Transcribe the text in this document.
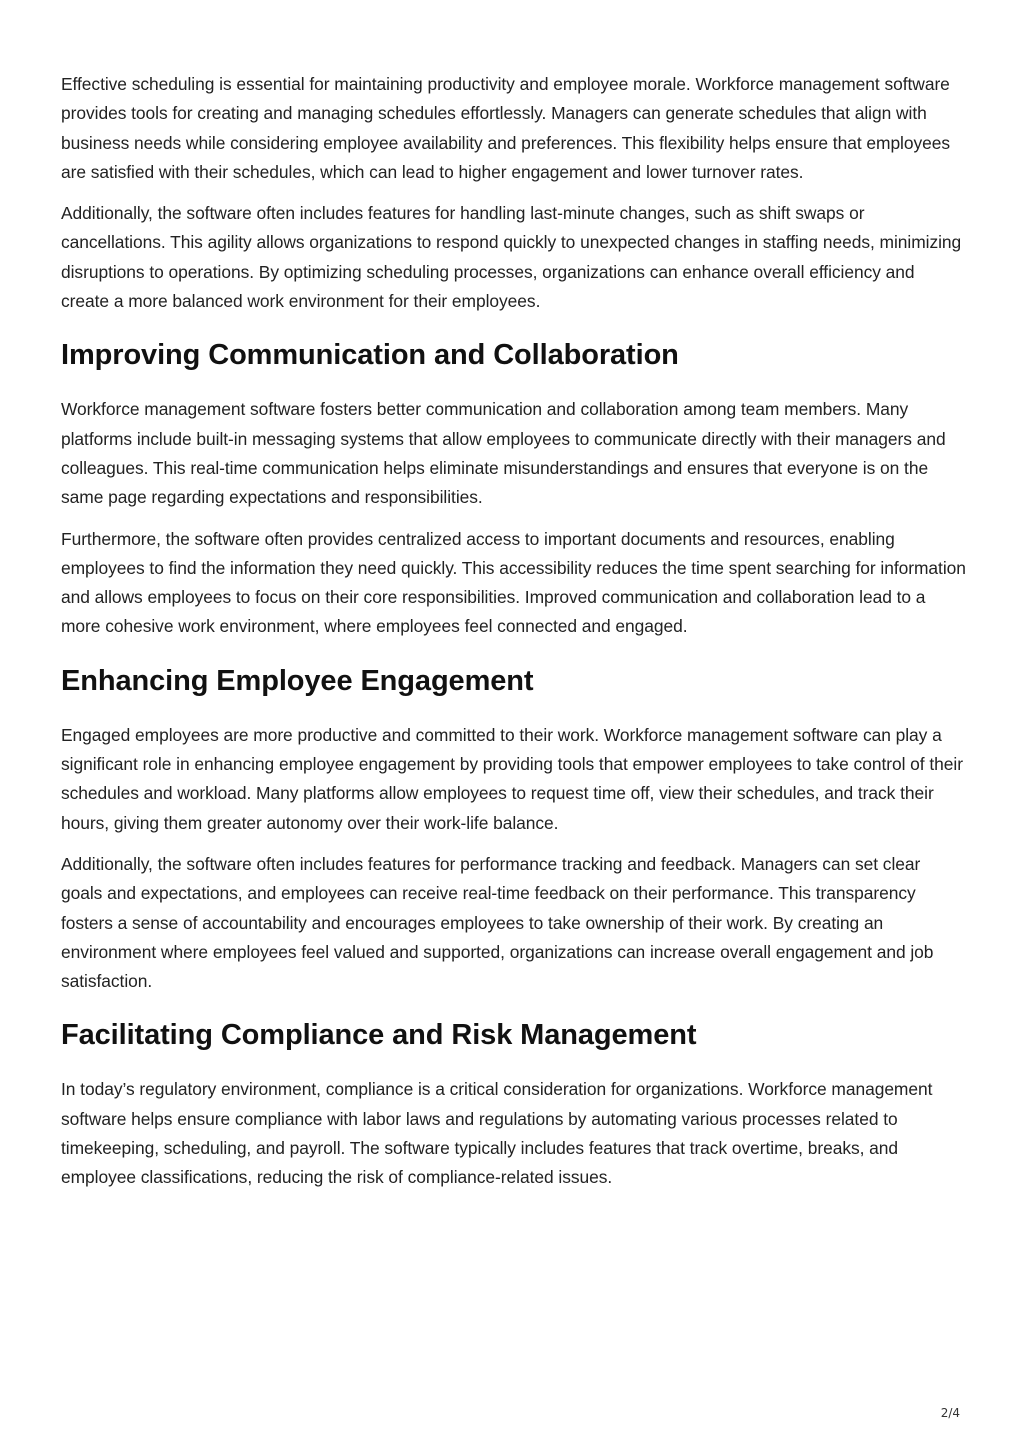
Effective scheduling is essential for maintaining productivity and employee morale. Workforce management software provides tools for creating and managing schedules effortlessly. Managers can generate schedules that align with business needs while considering employee availability and preferences. This flexibility helps ensure that employees are satisfied with their schedules, which can lead to higher engagement and lower turnover rates.

Additionally, the software often includes features for handling last-minute changes, such as shift swaps or cancellations. This agility allows organizations to respond quickly to unexpected changes in staffing needs, minimizing disruptions to operations. By optimizing scheduling processes, organizations can enhance overall efficiency and create a more balanced work environment for their employees.

Improving Communication and Collaboration

Workforce management software fosters better communication and collaboration among team members. Many platforms include built-in messaging systems that allow employees to communicate directly with their managers and colleagues. This real-time communication helps eliminate misunderstandings and ensures that everyone is on the same page regarding expectations and responsibilities.

Furthermore, the software often provides centralized access to important documents and resources, enabling employees to find the information they need quickly. This accessibility reduces the time spent searching for information and allows employees to focus on their core responsibilities. Improved communication and collaboration lead to a more cohesive work environment, where employees feel connected and engaged.

Enhancing Employee Engagement

Engaged employees are more productive and committed to their work. Workforce management software can play a significant role in enhancing employee engagement by providing tools that empower employees to take control of their schedules and workload. Many platforms allow employees to request time off, view their schedules, and track their hours, giving them greater autonomy over their work-life balance.

Additionally, the software often includes features for performance tracking and feedback. Managers can set clear goals and expectations, and employees can receive real-time feedback on their performance. This transparency fosters a sense of accountability and encourages employees to take ownership of their work. By creating an environment where employees feel valued and supported, organizations can increase overall engagement and job satisfaction.

Facilitating Compliance and Risk Management

In today’s regulatory environment, compliance is a critical consideration for organizations. Workforce management software helps ensure compliance with labor laws and regulations by automating various processes related to timekeeping, scheduling, and payroll. The software typically includes features that track overtime, breaks, and employee classifications, reducing the risk of compliance-related issues.

2/4
